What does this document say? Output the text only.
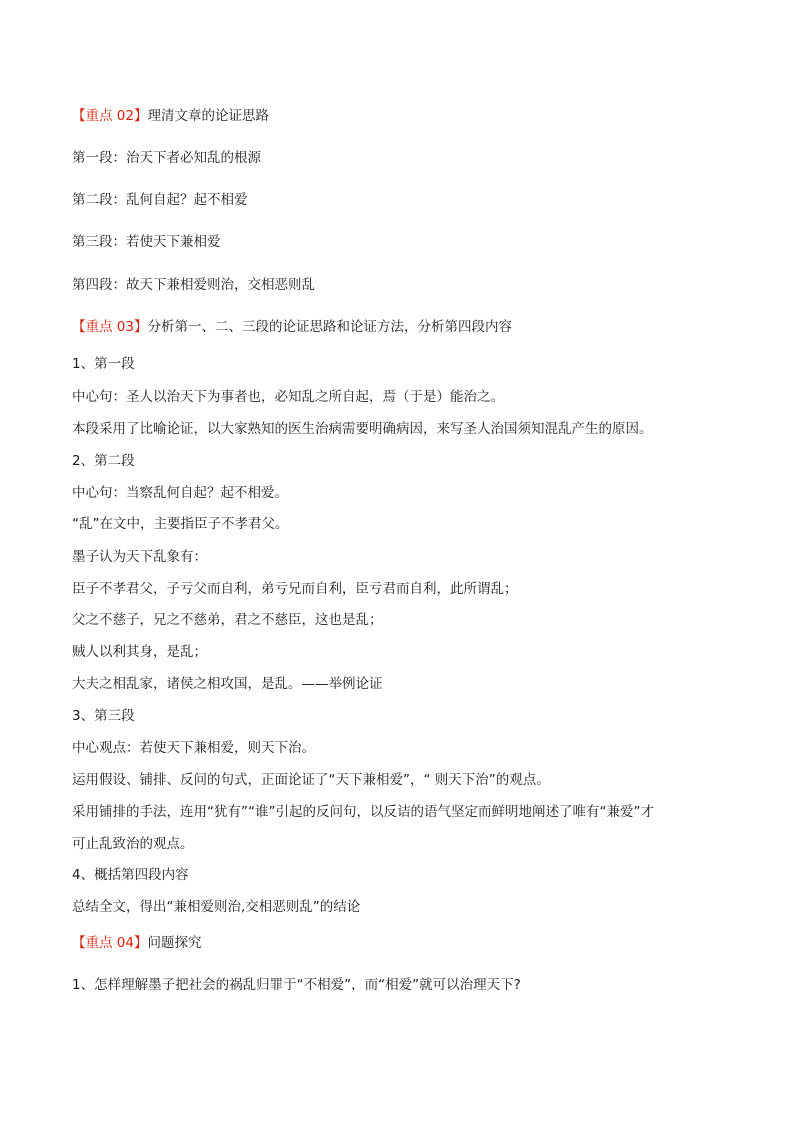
【重点 02】理清文章的论证思路
第一段：治天下者必知乱的根源
第二段：乱何自起？起不相爱
第三段：若使天下兼相爱
第四段：故天下兼相爱则治，交相恶则乱
【重点 03】分析第一、二、三段的论证思路和论证方法，分析第四段内容
1、第一段
中心句：圣人以治天下为事者也，必知乱之所自起，焉（于是）能治之。
本段采用了比喻论证，以大家熟知的医生治病需要明确病因，来写圣人治国须知混乱产生的原因。
2、第二段
中心句：当察乱何自起？起不相爱。
“乱”在文中，主要指臣子不孝君父。
墨子认为天下乱象有：
臣子不孝君父，子亏父而自利，弟亏兄而自利，臣亏君而自利，此所谓乱；
父之不慈子，兄之不慈弟，君之不慈臣，这也是乱；
贼人以利其身，是乱；
大夫之相乱家，诸侯之相攻国，是乱。——举例论证
3、第三段
中心观点：若使天下兼相爱，则天下治。
运用假设、铺排、反问的句式，正面论证了“天下兼相爱”，“ 则天下治”的观点。
采用铺排的手法，连用“犹有”“谁”引起的反问句，以反诘的语气坚定而鲜明地阐述了唯有“兼爱”才
可止乱致治的观点。
4、概括第四段内容
总结全文，得出“兼相爱则治,交相恶则乱”的结论
【重点 04】问题探究
1、怎样理解墨子把社会的祸乱归罪于“不相爱”，而“相爱”就可以治理天下?
